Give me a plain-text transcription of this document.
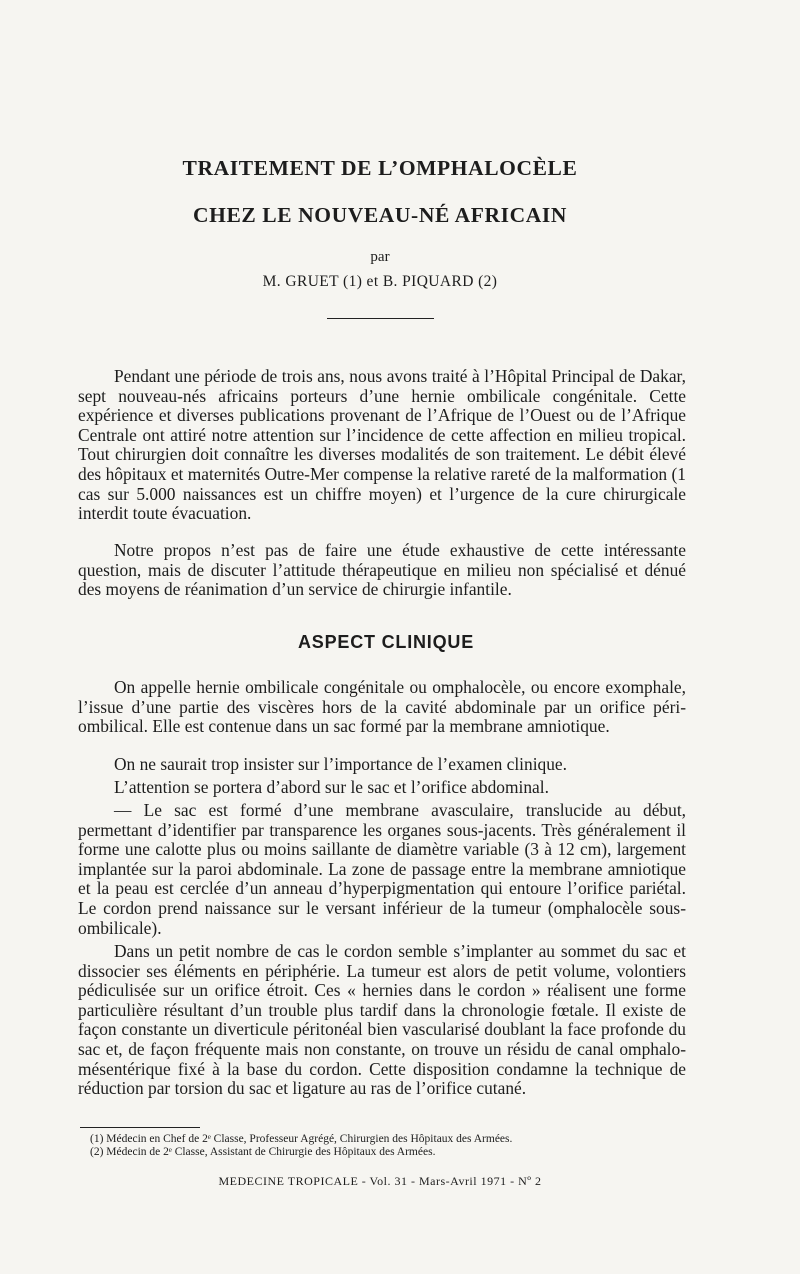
TRAITEMENT DE L’OMPHALOCÈLE
CHEZ LE NOUVEAU-NÉ AFRICAIN
par
M. GRUET (1) et B. PIQUARD (2)

Pendant une période de trois ans, nous avons traité à l’Hôpital Principal de Dakar, sept nouveau-nés africains porteurs d’une hernie ombilicale congénitale. Cette expérience et diverses publications provenant de l’Afrique de l’Ouest ou de l’Afrique Centrale ont attiré notre attention sur l’incidence de cette affection en milieu tropical. Tout chirurgien doit connaître les diverses modalités de son traitement. Le débit élevé des hôpitaux et maternités Outre-Mer compense la relative rareté de la malformation (1 cas sur 5.000 naissances est un chiffre moyen) et l’urgence de la cure chirurgicale interdit toute évacuation.

Notre propos n’est pas de faire une étude exhaustive de cette intéressante question, mais de discuter l’attitude thérapeutique en milieu non spécialisé et dénué des moyens de réanimation d’un service de chirurgie infantile.

ASPECT CLINIQUE

On appelle hernie ombilicale congénitale ou omphalocèle, ou encore exomphale, l’issue d’une partie des viscères hors de la cavité abdominale par un orifice péri-ombilical. Elle est contenue dans un sac formé par la membrane amniotique.

On ne saurait trop insister sur l’importance de l’examen clinique.

L’attention se portera d’abord sur le sac et l’orifice abdominal.

— Le sac est formé d’une membrane avasculaire, translucide au début, permettant d’identifier par transparence les organes sous-jacents. Très généralement il forme une calotte plus ou moins saillante de diamètre variable (3 à 12 cm), largement implantée sur la paroi abdominale. La zone de passage entre la membrane amniotique et la peau est cerclée d’un anneau d’hyperpigmentation qui entoure l’orifice pariétal. Le cordon prend naissance sur le versant inférieur de la tumeur (omphalocèle sous-ombilicale).

Dans un petit nombre de cas le cordon semble s’implanter au sommet du sac et dissocier ses éléments en périphérie. La tumeur est alors de petit volume, volontiers pédiculisée sur un orifice étroit. Ces « hernies dans le cordon » réalisent une forme particulière résultant d’un trouble plus tardif dans la chronologie fœtale. Il existe de façon constante un diverticule péritonéal bien vascularisé doublant la face profonde du sac et, de façon fréquente mais non constante, on trouve un résidu de canal omphalo-mésentérique fixé à la base du cordon. Cette disposition condamne la technique de réduction par torsion du sac et ligature au ras de l’orifice cutané.

(1) Médecin en Chef de 2ᵉ Classe, Professeur Agrégé, Chirurgien des Hôpitaux des Armées.
(2) Médecin de 2ᵉ Classe, Assistant de Chirurgie des Hôpitaux des Armées.
MEDECINE TROPICALE - Vol. 31 - Mars-Avril 1971 - Nº 2
